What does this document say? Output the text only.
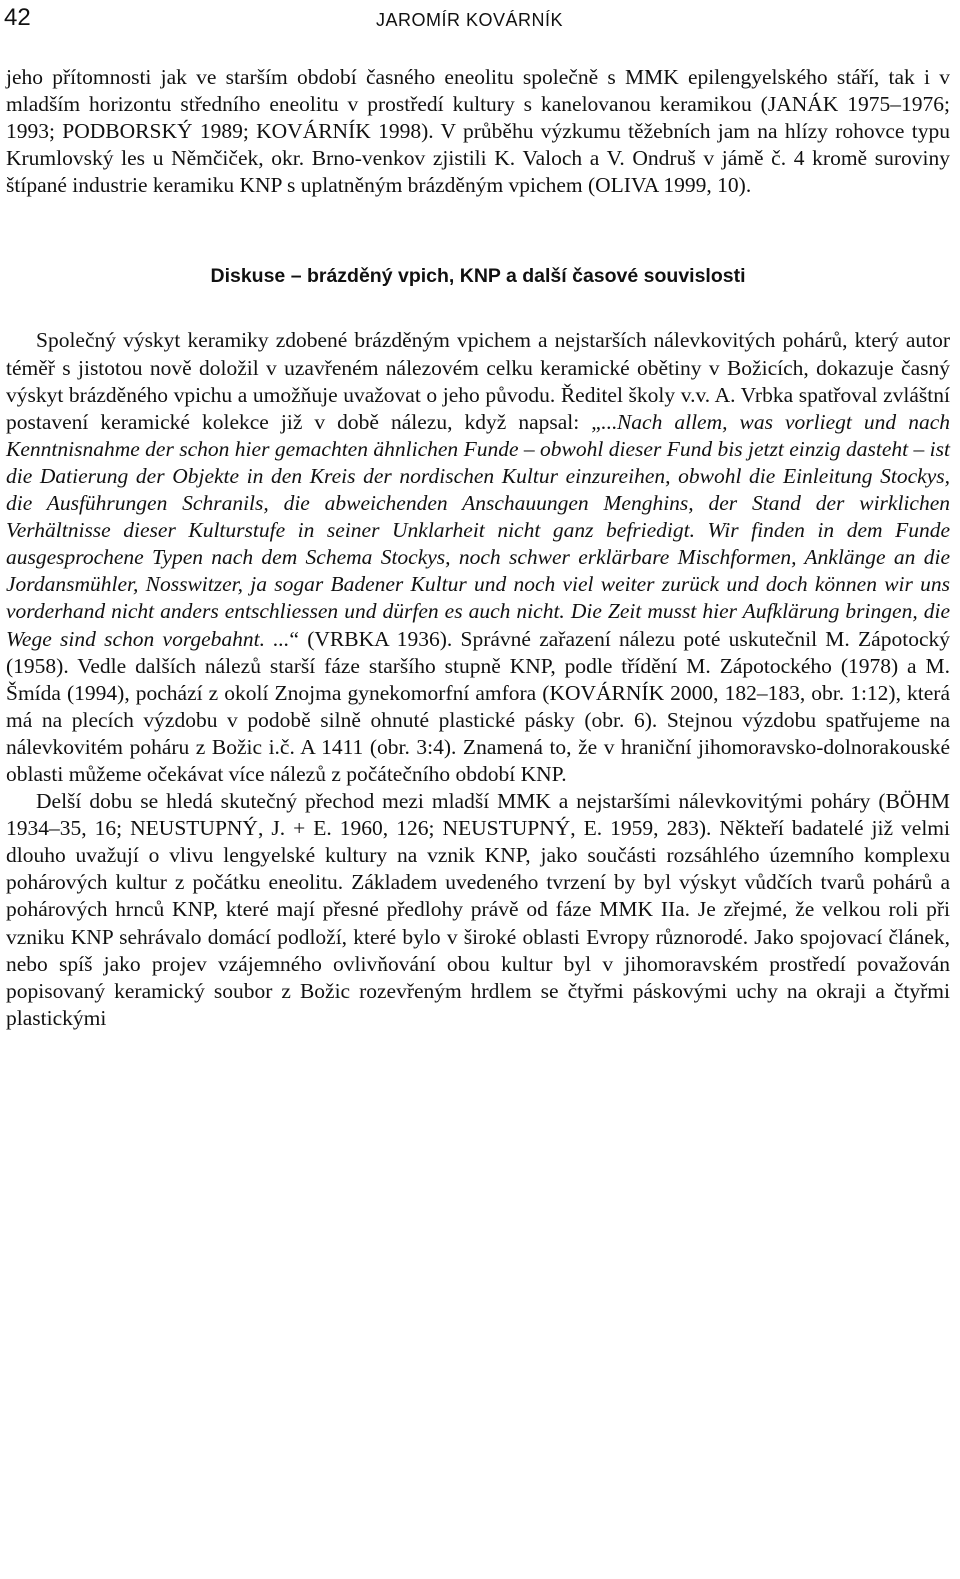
42	JAROMÍR KOVÁRNÍK

jeho přítomnosti jak ve starším období časného eneolitu společně s MMK epilengyelského stáří, tak i v mladším horizontu středního eneolitu v prostředí kultury s kanelovanou keramikou (JANÁK 1975–1976; 1993; PODBORSKÝ 1989; KOVÁRNÍK 1998). V průběhu výzkumu těžebních jam na hlízy rohovce typu Krumlovský les u Němčiček, okr. Brno-venkov zjistili K. Valoch a V. Ondruš v jámě č. 4 kromě suroviny štípané industrie keramiku KNP s uplatněným brázděným vpichem (OLIVA 1999, 10).

Diskuse – brázděný vpich, KNP a další časové souvislosti

Společný výskyt keramiky zdobené brázděným vpichem a nejstarších nálevkovitých pohárů, který autor téměř s jistotou nově doložil v uzavřeném nálezovém celku keramické obětiny v Božicích, dokazuje časný výskyt brázděného vpichu a umožňuje uvažovat o jeho původu. Ředitel školy v.v. A. Vrbka spatřoval zvláštní postavení keramické kolekce již v době nálezu, když napsal: „...Nach allem, was vorliegt und nach Kenntnisnahme der schon hier gemachten ähnlichen Funde – obwohl dieser Fund bis jetzt einzig dasteht – ist die Datierung der Objekte in den Kreis der nordischen Kultur einzureihen, obwohl die Einleitung Stockys, die Ausführungen Schranils, die abweichenden Anschauungen Menghins, der Stand der wirklichen Verhältnisse dieser Kulturstufe in seiner Unklarheit nicht ganz befriedigt. Wir finden in dem Funde ausgesprochene Typen nach dem Schema Stockys, noch schwer erklärbare Mischformen, Anklänge an die Jordansmühler, Nosswitzer, ja sogar Badener Kultur und noch viel weiter zurück und doch können wir uns vorderhand nicht anders entschliessen und dürfen es auch nicht. Die Zeit musst hier Aufklärung bringen, die Wege sind schon vorgebahnt. ...“ (VRBKA 1936). Správné zařazení nálezu poté uskutečnil M. Zápotocký (1958). Vedle dalších nálezů starší fáze staršího stupně KNP, podle třídění M. Zápotockého (1978) a M. Šmída (1994), pochází z okolí Znojma gynekomorfní amfora (KOVÁRNÍK 2000, 182–183, obr. 1:12), která má na plecích výzdobu v podobě silně ohnuté plastické pásky (obr. 6). Stejnou výzdobu spatřujeme na nálevkovitém poháru z Božic i.č. A 1411 (obr. 3:4). Znamená to, že v hraniční jihomoravsko-dolnorakouské oblasti můžeme očekávat více nálezů z počátečního období KNP.

Delší dobu se hledá skutečný přechod mezi mladší MMK a nejstaršími nálevkovitými poháry (BÖHM 1934–35, 16; NEUSTUPNÝ, J. + E. 1960, 126; NEUSTUPNÝ, E. 1959, 283). Někteří badatelé již velmi dlouho uvažují o vlivu lengyelské kultury na vznik KNP, jako součásti rozsáhlého územního komplexu pohárových kultur z počátku eneolitu. Základem uvedeného tvrzení by byl výskyt vůdčích tvarů pohárů a pohárových hrnců KNP, které mají přesné předlohy právě od fáze MMK IIa. Je zřejmé, že velkou roli při vzniku KNP sehrávalo domácí podloží, které bylo v široké oblasti Evropy různorodé. Jako spojovací článek, nebo spíš jako projev vzájemného ovlivňování obou kultur byl v jihomoravském prostředí považován popisovaný keramický soubor z Božic rozevřeným hrdlem se čtyřmi páskovými uchy na okraji a čtyřmi plastickými
